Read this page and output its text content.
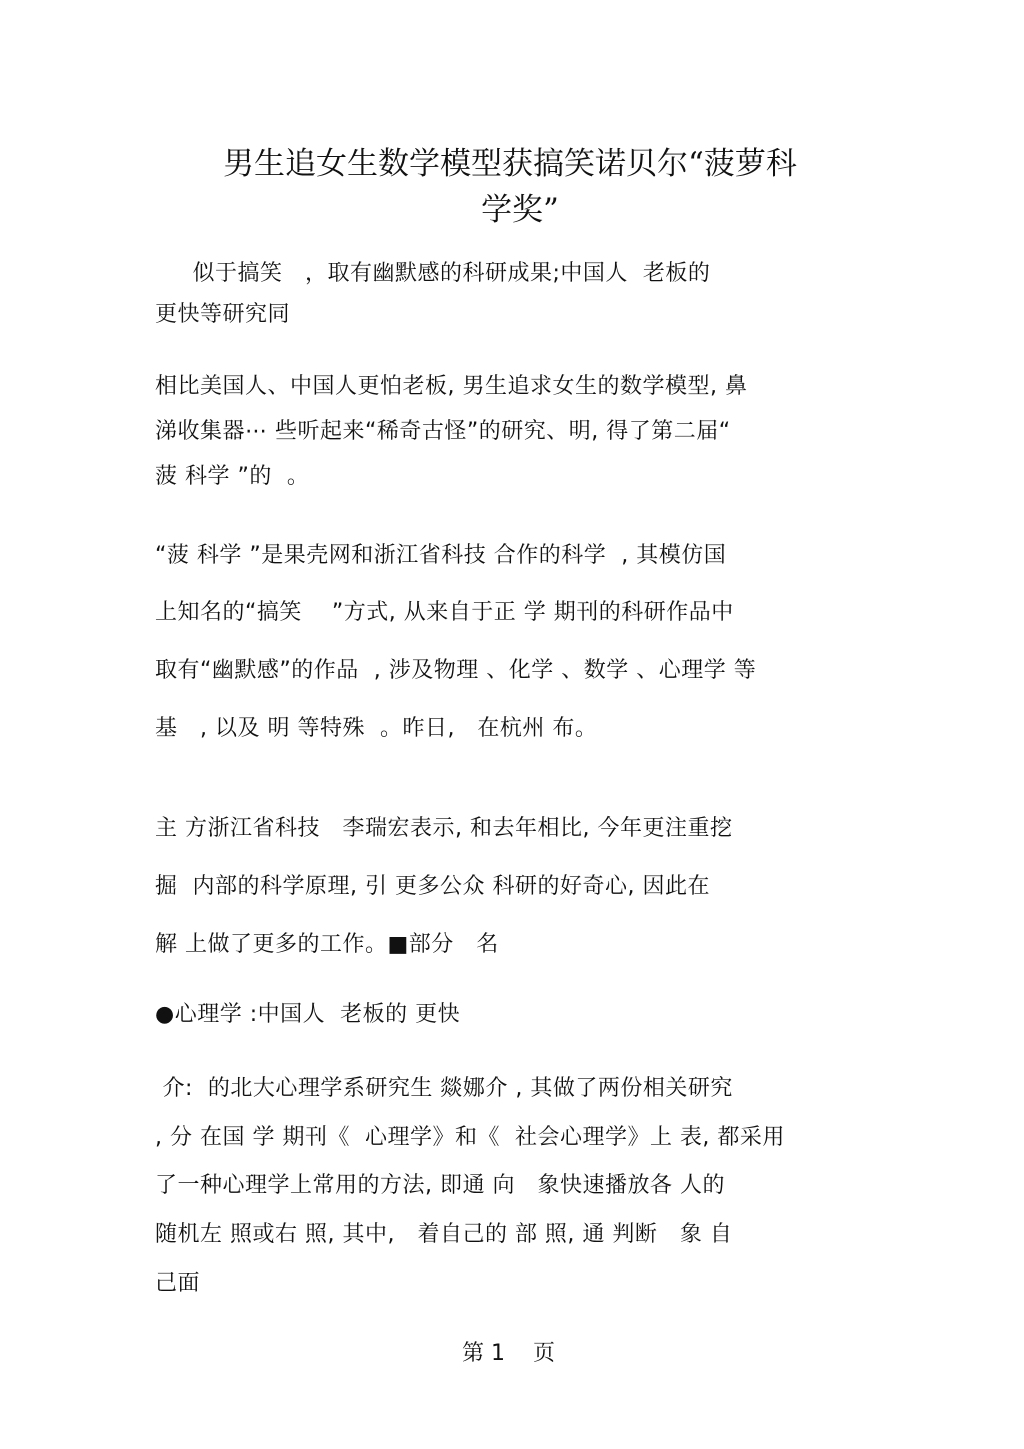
男生追女生数学模型获搞笑诺贝尔“菠萝科
学奖”
似于搞笑   ，取有幽默感的科研成果;中国人  老板的
更快等研究同
相比美国人、中国人更怕老板, 男生追求女生的数学模型, 鼻
涕收集器⋯ 些听起来“稀奇古怪”的研究、明, 得了第二届“
菠 科学 ”的  。
“菠 科学 ”是果壳网和浙江省科技 合作的科学  , 其模仿国
上知名的“搞笑    ”方式, 从来自于正 学 期刊的科研作品中
取有“幽默感”的作品  , 涉及物理 、化学 、数学 、心理学 等
基   , 以及 明 等特殊  。昨日,   在杭州 布。
主 方浙江省科技   李瑞宏表示, 和去年相比, 今年更注重挖
掘  内部的科学原理, 引 更多公众 科研的好奇心, 因此在
解 上做了更多的工作。■部分   名
●心理学 :中国人  老板的 更快
介:  的北大心理学系研究生 燚娜介 , 其做了两份相关研究
, 分 在国 学 期刊《  心理学》和《  社会心理学》上 表, 都采用
了一种心理学上常用的方法, 即通 向   象快速播放各 人的
随机左 照或右 照, 其中,   着自己的 部 照, 通 判断   象 自
己面
第 1    页
